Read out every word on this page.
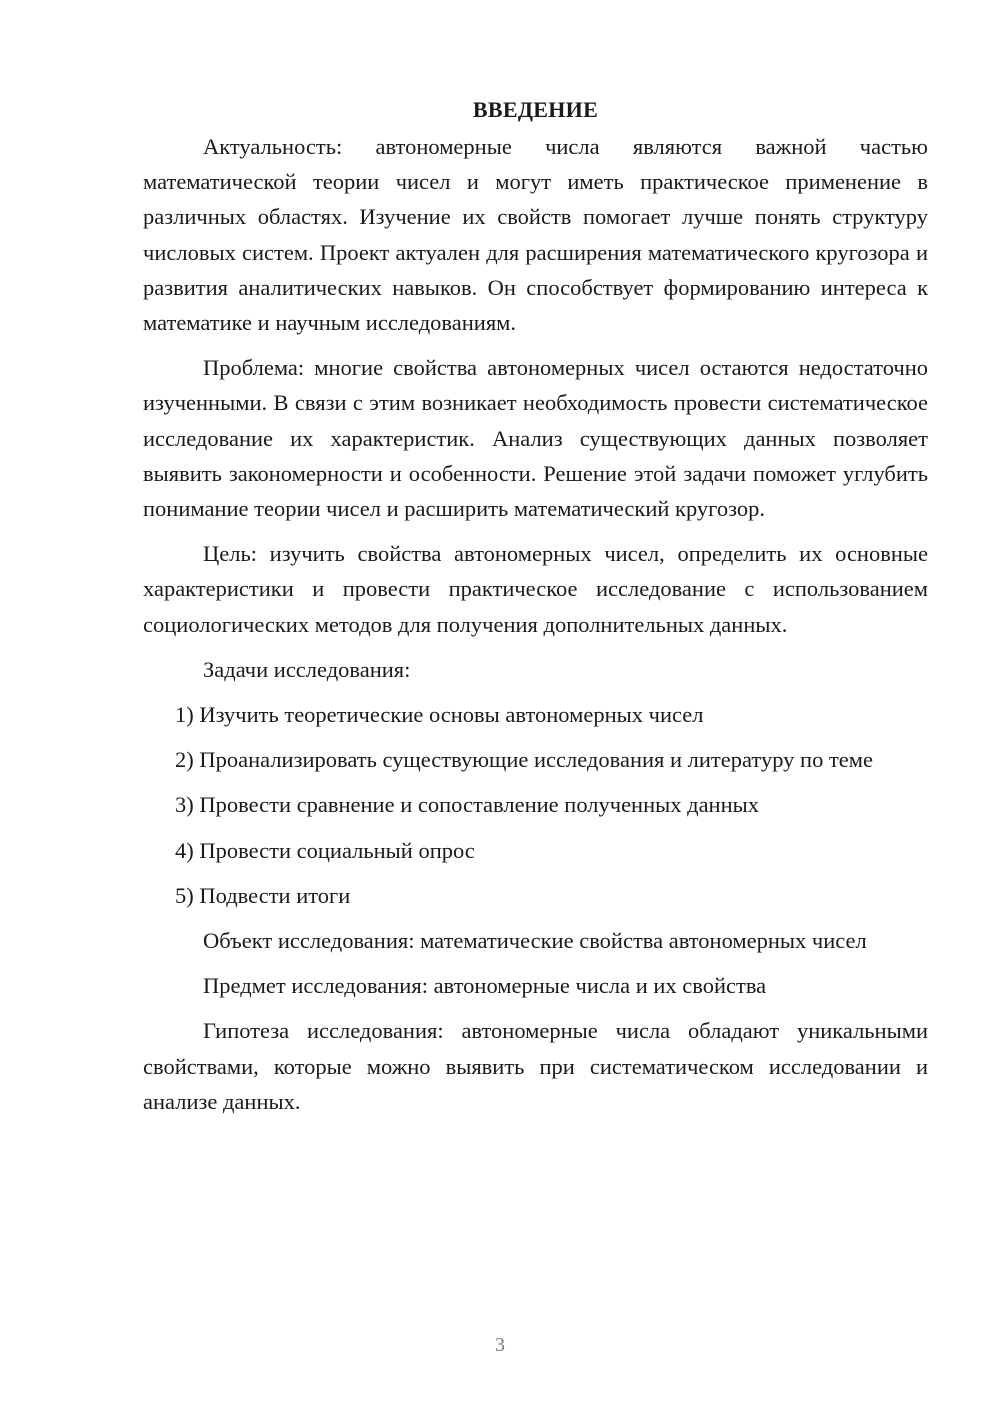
ВВЕДЕНИЕ

Актуальность: автономерные числа являются важной частью математической теории чисел и могут иметь практическое применение в различных областях. Изучение их свойств помогает лучше понять структуру числовых систем. Проект актуален для расширения математического кругозора и развития аналитических навыков. Он способствует формированию интереса к математике и научным исследованиям.

Проблема: многие свойства автономерных чисел остаются недостаточно изученными. В связи с этим возникает необходимость провести систематическое исследование их характеристик. Анализ существующих данных позволяет выявить закономерности и особенности. Решение этой задачи поможет углубить понимание теории чисел и расширить математический кругозор.

Цель: изучить свойства автономерных чисел, определить их основные характеристики и провести практическое исследование с использованием социологических методов для получения дополнительных данных.

Задачи исследования:

1) Изучить теоретические основы автономерных чисел

2) Проанализировать существующие исследования и литературу по теме

3) Провести сравнение и сопоставление полученных данных

4) Провести социальный опрос

5) Подвести итоги

Объект исследования: математические свойства автономерных чисел

Предмет исследования: автономерные числа и их свойства

Гипотеза исследования: автономерные числа обладают уникальными свойствами, которые можно выявить при систематическом исследовании и анализе данных.

3
